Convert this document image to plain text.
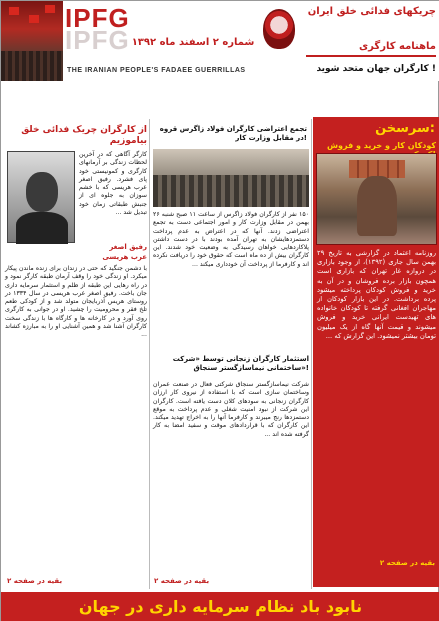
IPFG
IPFG شماره ۲ اسفند ماه ۱۳۹۲
THE IRANIAN PEOPLE'S FADAEE GUERRILLAS
چریکهای فدائی خلق ایران
ماهنامه کارگری
کارگران جهان متحد شوید !
سرسخن:
کودکان کار و خرید و فروش
روزنامه اعتماد در گزارشی به تاریخ ۲۹ بهمن سال جاری (۱۳۹۲)، از وجود بازاری در دروازه غار تهران که بازاری است همچون بازار برده فروشان و در آن به خرید و فروش کودکان پرداخته میشود پرده برداشت. در این بازار کودکان از مهاجران افغانی گرفته تا کودکان خانواده های تهیدست ایرانی خرید و فروش میشوند و قیمت آنها گاه از یک میلیون تومان بیشتر نمیشود. این گزارش که ...
بقیه در صفحه ۲
تجمع اعتراضی کارگران فولاد زاگرس قروه در مقابل وزارت کار!
۱۵۰ نفر از کارگران فولاد زاگرس از ساعت ۱۱ صبح شنبه ۲۶ بهمن در مقابل وزارت کار و امور اجتماعی دست به تجمع اعتراضی زدند. آنها که در اعتراض به عدم پرداخت دستمزدهایشان به تهران آمده بودند با در دست داشتن پلاکاردهایی خواهان رسیدگی به وضعیت خود شدند. این کارگران بیش از ده ماه است که حقوق خود را دریافت نکرده اند و کارفرما از پرداخت آن خودداری میکند ...
استثمار کارگران زنجانی توسط «شرکت ساختمانی نیماسازگستر سنجاق»!
شرکت نیماسازگستر سنجاق شرکتی فعال در صنعت عمران وساختمان سازی است که با استفاده از نیروی کار ارزان کارگران زنجانی به سودهای کلان دست یافته است. کارگران این شرکت از نبود امنیت شغلی و عدم پرداخت به موقع دستمزدها رنج میبرند و کارفرما آنها را به اخراج تهدید میکند. این کارگران که با قراردادهای موقت و سفید امضا به کار گرفته شده اند ...
بقیه در صفحه ۲
از کارگران چریک فدائی خلق بیاموزیم
کارگر آگاهی که در آخرین لحظات زندگی بر آرمانهای کارگری و کمونیستی خود پای فشرد. رفیق اصغر عرب هریسی که با خشم سوزان به جلوه ای از جنبش طبقاتی زمان خود تبدیل شد ...
رفیق اصغر
عرب هریسی
با دشمن جنگید که حتی در زندان برای زنده ماندن پیکار میکرد. او زندگی خود را وقف آرمان طبقه کارگر نمود و در راه رهایی این طبقه از ظلم و استثمار سرمایه داری جان باخت. رفیق اصغر عرب هریسی در سال ۱۳۳۴ در روستای هریس آذربایجان متولد شد و از کودکی طعم تلخ فقر و محرومیت را چشید. او در جوانی به کارگری روی آورد و در کارخانه ها و کارگاه ها با زندگی سخت کارگران آشنا شد و همین آشنایی او را به مبارزه کشاند ...
بقیه در صفحه ۲
نابود باد نظام سرمایه داری در جهان
